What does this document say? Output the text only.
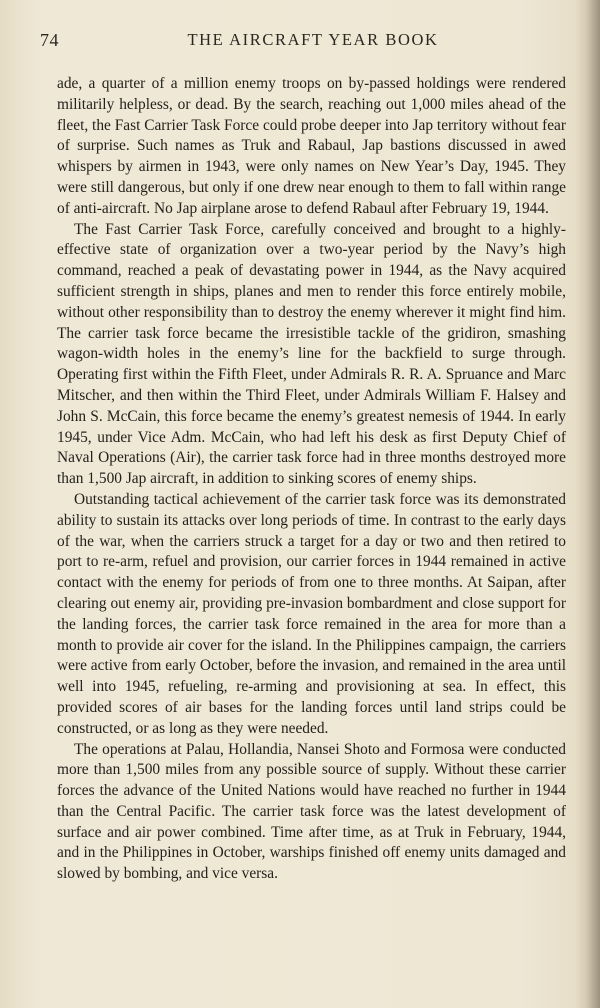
74	THE AIRCRAFT YEAR BOOK

ade, a quarter of a million enemy troops on by-passed holdings were rendered militarily helpless, or dead. By the search, reaching out 1,000 miles ahead of the fleet, the Fast Carrier Task Force could probe deeper into Jap territory without fear of surprise. Such names as Truk and Rabaul, Jap bastions discussed in awed whispers by airmen in 1943, were only names on New Year’s Day, 1945. They were still dangerous, but only if one drew near enough to them to fall within range of anti-aircraft. No Jap airplane arose to defend Rabaul after February 19, 1944.

The Fast Carrier Task Force, carefully conceived and brought to a highly-effective state of organization over a two-year period by the Navy’s high command, reached a peak of devastating power in 1944, as the Navy acquired sufficient strength in ships, planes and men to render this force entirely mobile, without other responsibility than to destroy the enemy wherever it might find him. The carrier task force became the irresistible tackle of the gridiron, smashing wagon-width holes in the enemy’s line for the backfield to surge through. Operating first within the Fifth Fleet, under Admirals R. R. A. Spruance and Marc Mitscher, and then within the Third Fleet, under Admirals William F. Halsey and John S. McCain, this force became the enemy’s greatest nemesis of 1944. In early 1945, under Vice Adm. McCain, who had left his desk as first Deputy Chief of Naval Operations (Air), the carrier task force had in three months destroyed more than 1,500 Jap aircraft, in addition to sinking scores of enemy ships.

Outstanding tactical achievement of the carrier task force was its demonstrated ability to sustain its attacks over long periods of time. In contrast to the early days of the war, when the carriers struck a target for a day or two and then retired to port to re-arm, refuel and provision, our carrier forces in 1944 remained in active contact with the enemy for periods of from one to three months. At Saipan, after clearing out enemy air, providing pre-invasion bombardment and close support for the landing forces, the carrier task force remained in the area for more than a month to provide air cover for the island. In the Philippines campaign, the carriers were active from early October, before the invasion, and remained in the area until well into 1945, refueling, re-arming and provisioning at sea. In effect, this provided scores of air bases for the landing forces until land strips could be constructed, or as long as they were needed.

The operations at Palau, Hollandia, Nansei Shoto and Formosa were conducted more than 1,500 miles from any possible source of supply. Without these carrier forces the advance of the United Nations would have reached no further in 1944 than the Central Pacific. The carrier task force was the latest development of surface and air power combined. Time after time, as at Truk in February, 1944, and in the Philippines in October, warships finished off enemy units damaged and slowed by bombing, and vice versa.
